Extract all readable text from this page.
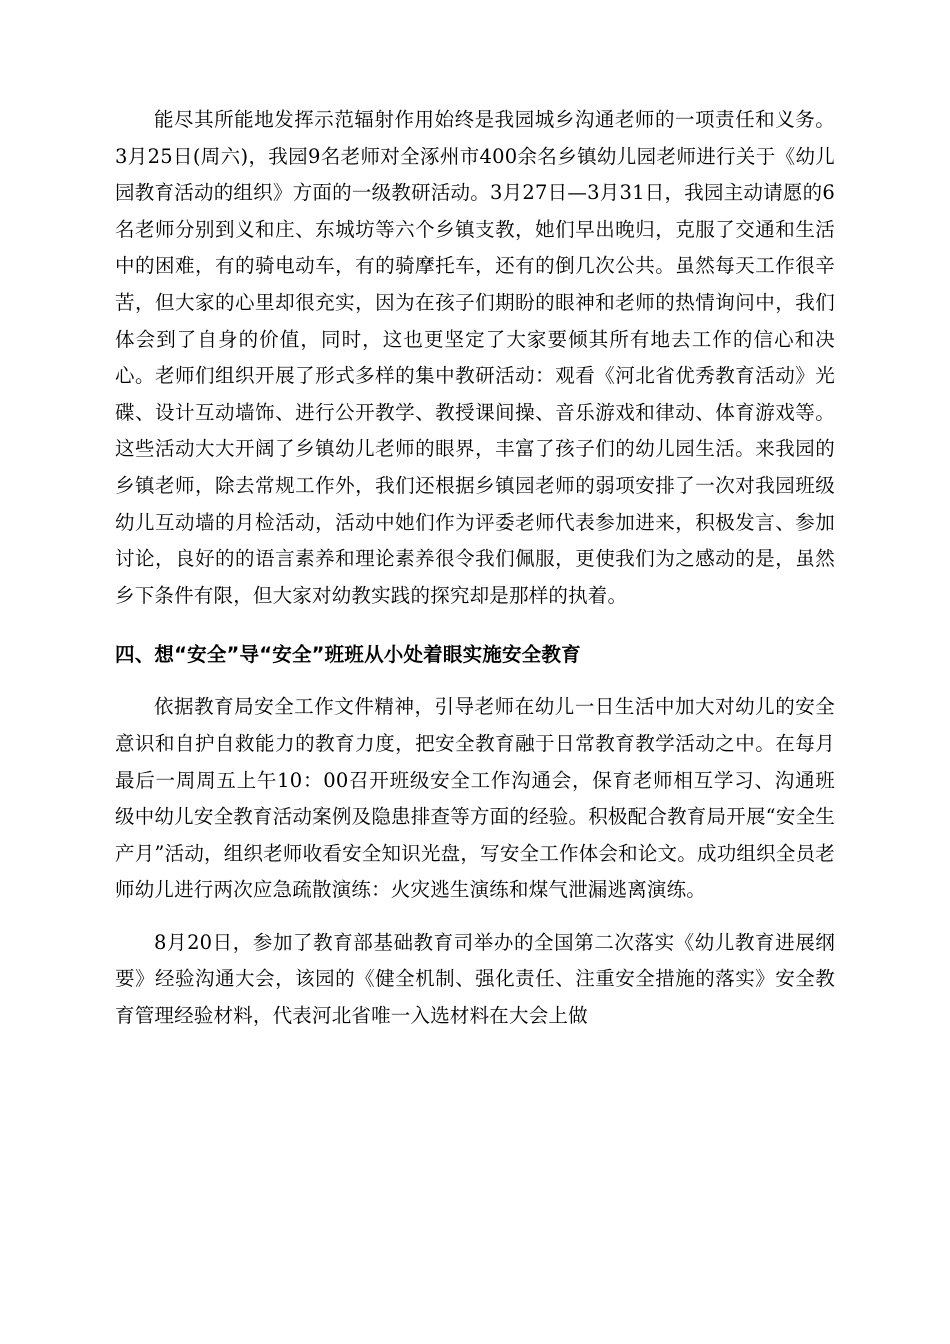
能尽其所能地发挥示范辐射作用始终是我园城乡沟通老师的一项责任和义务。3月25日(周六)，我园9名老师对全涿州市400余名乡镇幼儿园老师进行关于《幼儿园教育活动的组织》方面的一级教研活动。3月27日—3月31日，我园主动请愿的6名老师分别到义和庄、东城坊等六个乡镇支教，她们早出晚归，克服了交通和生活中的困难，有的骑电动车，有的骑摩托车，还有的倒几次公共。虽然每天工作很辛苦，但大家的心里却很充实，因为在孩子们期盼的眼神和老师的热情询问中，我们体会到了自身的价值，同时，这也更坚定了大家要倾其所有地去工作的信心和决心。老师们组织开展了形式多样的集中教研活动：观看《河北省优秀教育活动》光碟、设计互动墙饰、进行公开教学、教授课间操、音乐游戏和律动、体育游戏等。这些活动大大开阔了乡镇幼儿老师的眼界，丰富了孩子们的幼儿园生活。来我园的乡镇老师，除去常规工作外，我们还根据乡镇园老师的弱项安排了一次对我园班级幼儿互动墙的月检活动，活动中她们作为评委老师代表参加进来，积极发言、参加讨论，良好的的语言素养和理论素养很令我们佩服，更使我们为之感动的是，虽然乡下条件有限，但大家对幼教实践的探究却是那样的执着。

四、想“安全”导“安全”班班从小处着眼实施安全教育

依据教育局安全工作文件精神，引导老师在幼儿一日生活中加大对幼儿的安全意识和自护自救能力的教育力度，把安全教育融于日常教育教学活动之中。在每月最后一周周五上午10：00召开班级安全工作沟通会，保育老师相互学习、沟通班级中幼儿安全教育活动案例及隐患排查等方面的经验。积极配合教育局开展“安全生产月”活动，组织老师收看安全知识光盘，写安全工作体会和论文。成功组织全员老师幼儿进行两次应急疏散演练：火灾逃生演练和煤气泄漏逃离演练。

8月20日，参加了教育部基础教育司举办的全国第二次落实《幼儿教育进展纲要》经验沟通大会，该园的《健全机制、强化责任、注重安全措施的落实》安全教育管理经验材料，代表河北省唯一入选材料在大会上做
